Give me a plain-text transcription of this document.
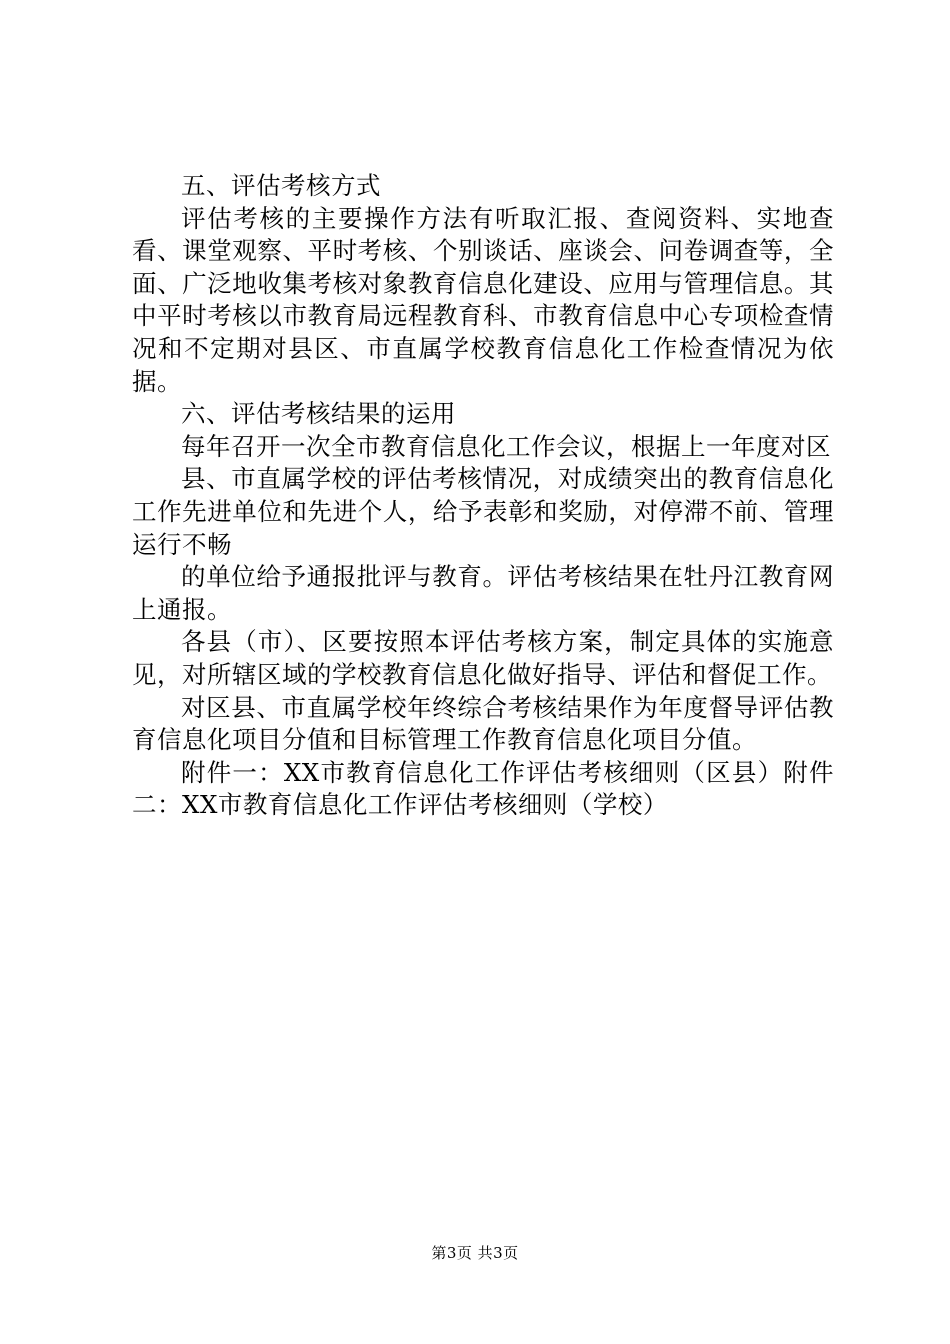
五、评估考核方式

评估考核的主要操作方法有听取汇报、查阅资料、实地查看、课堂观察、平时考核、个别谈话、座谈会、问卷调查等，全面、广泛地收集考核对象教育信息化建设、应用与管理信息。其中平时考核以市教育局远程教育科、市教育信息中心专项检查情况和不定期对县区、市直属学校教育信息化工作检查情况为依据。

六、评估考核结果的运用

每年召开一次全市教育信息化工作会议，根据上一年度对区

县、市直属学校的评估考核情况，对成绩突出的教育信息化工作先进单位和先进个人，给予表彰和奖励，对停滞不前、管理运行不畅

的单位给予通报批评与教育。评估考核结果在牡丹江教育网上通报。

各县（市）、区要按照本评估考核方案，制定具体的实施意见，对所辖区域的学校教育信息化做好指导、评估和督促工作。

对区县、市直属学校年终综合考核结果作为年度督导评估教育信息化项目分值和目标管理工作教育信息化项目分值。

附件一：XX市教育信息化工作评估考核细则（区县）附件二：XX市教育信息化工作评估考核细则（学校）

第3页 共3页
